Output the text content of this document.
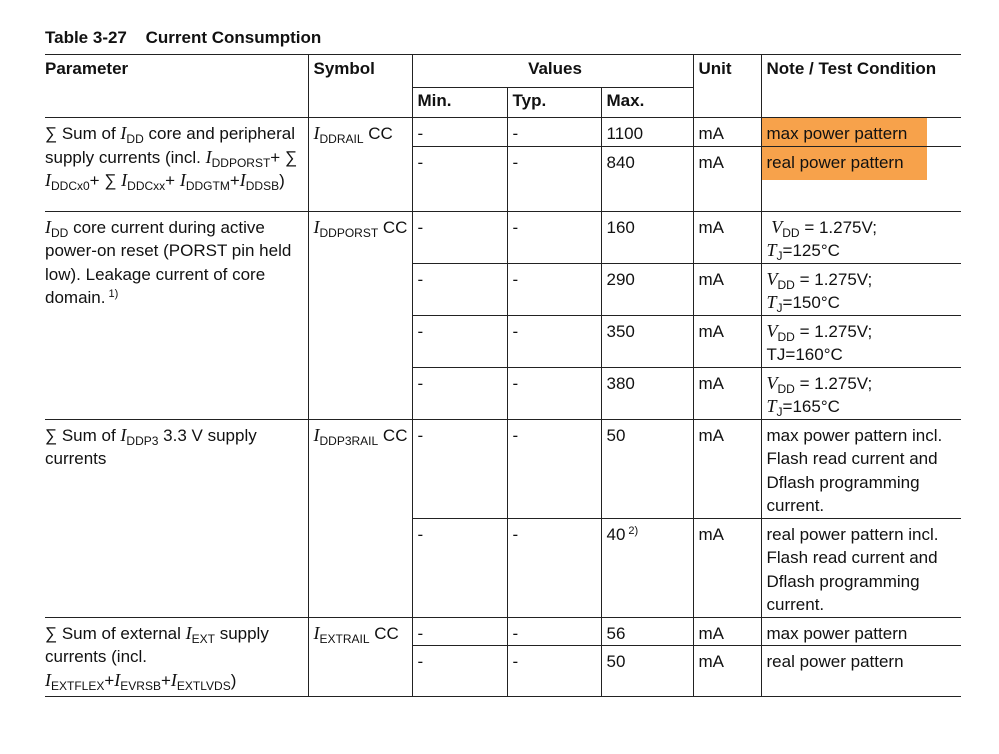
Table 3-27 Current Consumption
Parameter	Symbol	Values			Unit	Note / Test Condition
		Min.	Typ.	Max.		
∑ Sum of $I_{DD}$ core and peripheral supply currents (incl. $I_{DDPORST}+$ ∑ $I_{DDCx0}+$ ∑ $I_{DDCxx}+ I_{DDGTM}+I_{DDSB}$)	$I_{DDRAIL}$ CC	-	-	1100	mA	max power pattern
		-	-	840	mA	real power pattern
$I_{DD}$ core current during active power-on reset (PORST pin held low). Leakage current of core domain. $^{1)}$	$I_{DDPORST}$ CC	-	-	160	mA	$V_{DD} = 1.275V$;
$T_J=125^\circ C$
		-	-	290	mA	$V_{DD} = 1.275V$;
$T_J=150^\circ C$
		-	-	350	mA	$V_{DD} = 1.275V$;
TJ=160°C
		-	-	380	mA	$V_{DD} = 1.275V$;
$T_J=165^\circ C$
∑ Sum of $I_{DDP3}$ 3.3 V supply currents	$I_{DDP3RAIL}$ CC	-	-	50	mA	max power pattern incl. Flash read current and Dflash programming current.
		-	-	40 $^{2)}$	mA	real power pattern incl. Flash read current and Dflash programming current.
∑ Sum of external $I_{EXT}$ supply currents (incl. $I_{EXTFLEX}+I_{EVRSB}+I_{EXTLVDS}$)	$I_{EXTRAIL}$ CC	-	-	56	mA	max power pattern
		-	-	50	mA	real power pattern
